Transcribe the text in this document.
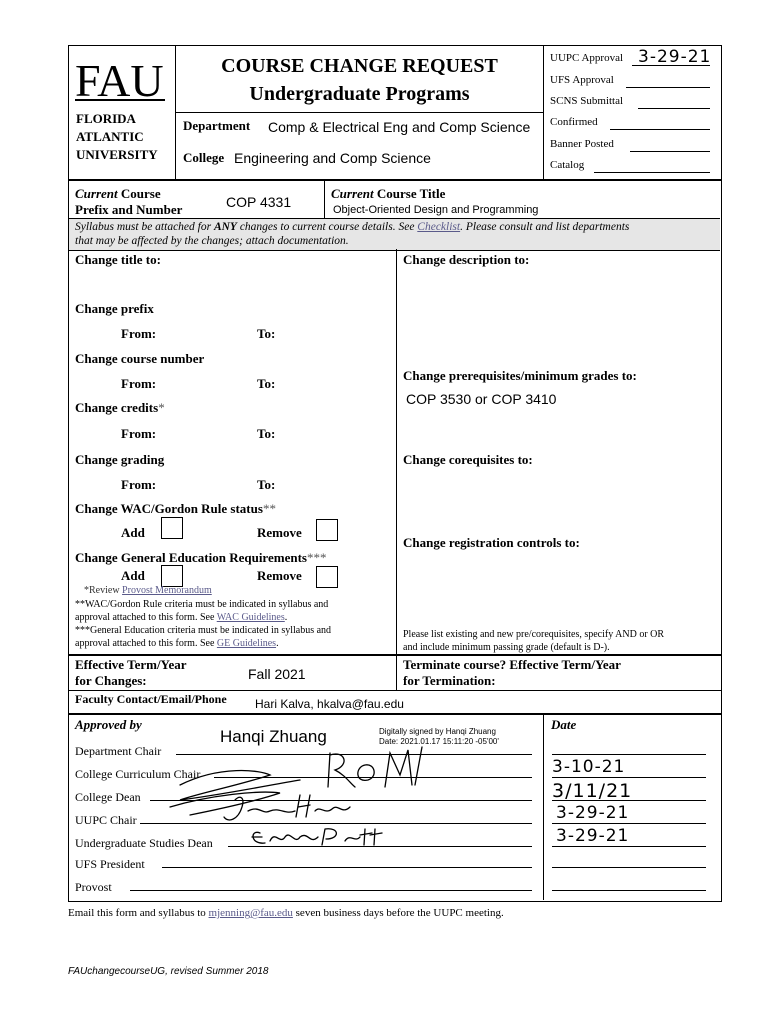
FAU
FLORIDA
ATLANTIC
UNIVERSITY
COURSE CHANGE REQUEST
Undergraduate Programs
Department Comp & Electrical Eng and Comp Science
College Engineering and Comp Science
UUPC Approval 3-29-21
UFS Approval
SCNS Submittal
Confirmed
Banner Posted
Catalog
Current Course
Prefix and Number	COP 4331
Current Course Title
Object-Oriented Design and Programming
Syllabus must be attached for ANY changes to current course details. See Checklist. Please consult and list departments
that may be affected by the changes; attach documentation.
Change title to:
Change prefix
From:	To:
Change course number
From:	To:
Change credits*
From:	To:
Change grading
From:	To:
Change WAC/Gordon Rule status**
Add	Remove
Change General Education Requirements***
Add	Remove
*Review Provost Memorandum
**WAC/Gordon Rule criteria must be indicated in syllabus and
approval attached to this form. See WAC Guidelines.
***General Education criteria must be indicated in syllabus and
approval attached to this form. See GE Guidelines.
Change description to:
Change prerequisites/minimum grades to:
COP 3530 or COP 3410
Change corequisites to:
Change registration controls to:
Please list existing and new pre/corequisites, specify AND or OR
and include minimum passing grade (default is D-).
Effective Term/Year
for Changes:	Fall 2021
Terminate course? Effective Term/Year
for Termination:
Faculty Contact/Email/Phone Hari Kalva, hkalva@fau.edu
Approved by	Date
Hanqi Zhuang	Digitally signed by Hanqi Zhuang
Date: 2021.01.17 15:11:20 -05'00'
Department Chair
College Curriculum Chair	3-10-21
College Dean	3/11/21
UUPC Chair	3-29-21
Undergraduate Studies Dean	3-29-21
UFS President
Provost
Email this form and syllabus to mjenning@fau.edu seven business days before the UUPC meeting.
FAUchangecourseUG, revised Summer 2018
